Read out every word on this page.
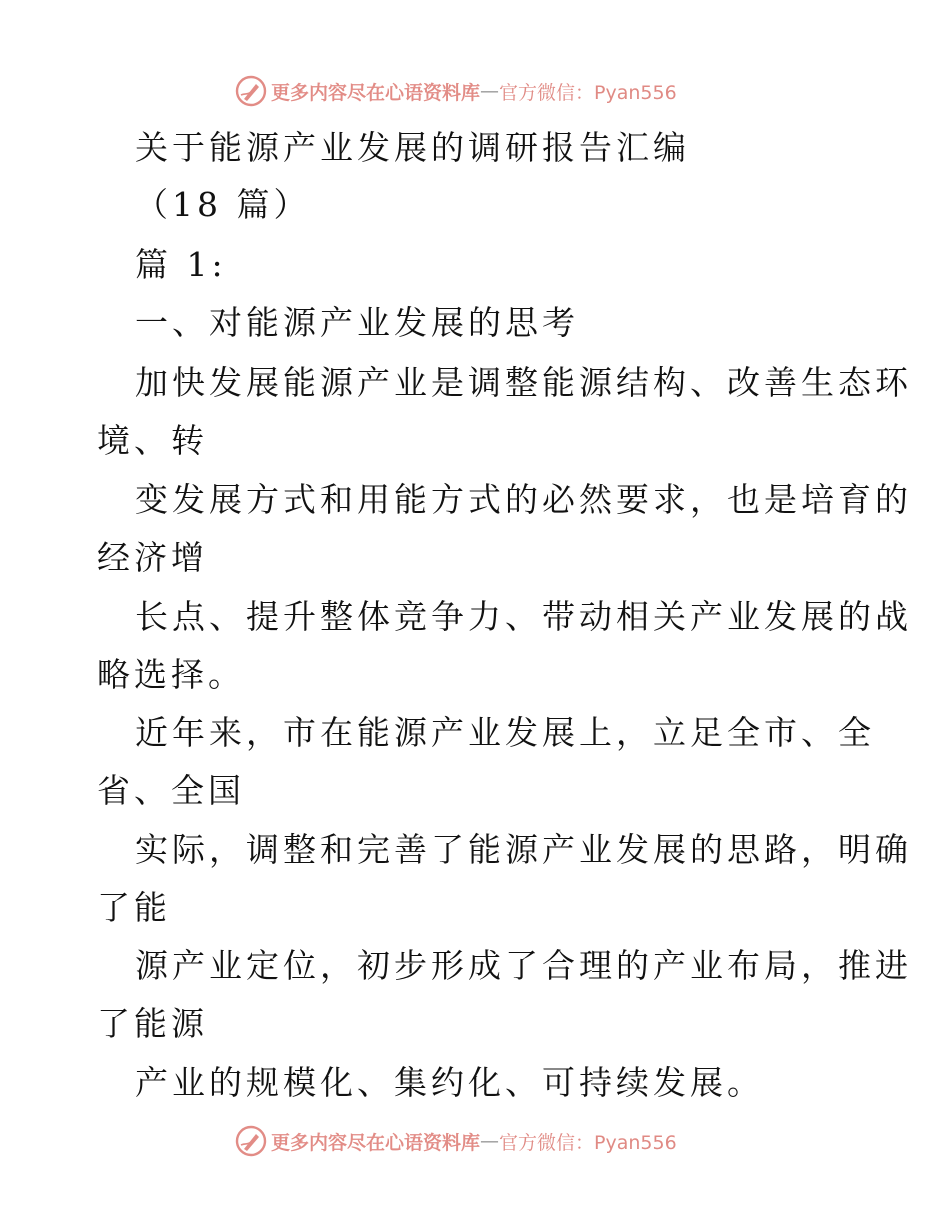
更多内容尽在心语资料库 — 官方微信：Pyan556
关于能源产业发展的调研报告汇编
（18 篇）
篇 1:
一、对能源产业发展的思考
加快发展能源产业是调整能源结构、改善生态环
境、转
变发展方式和用能方式的必然要求，也是培育的
经济增
长点、提升整体竞争力、带动相关产业发展的战
略选择。
近年来，市在能源产业发展上，立足全市、全
省、全国
实际，调整和完善了能源产业发展的思路，明确
了能
源产业定位，初步形成了合理的产业布局，推进
了能源
产业的规模化、集约化、可持续发展。
更多内容尽在心语资料库 — 官方微信：Pyan556
